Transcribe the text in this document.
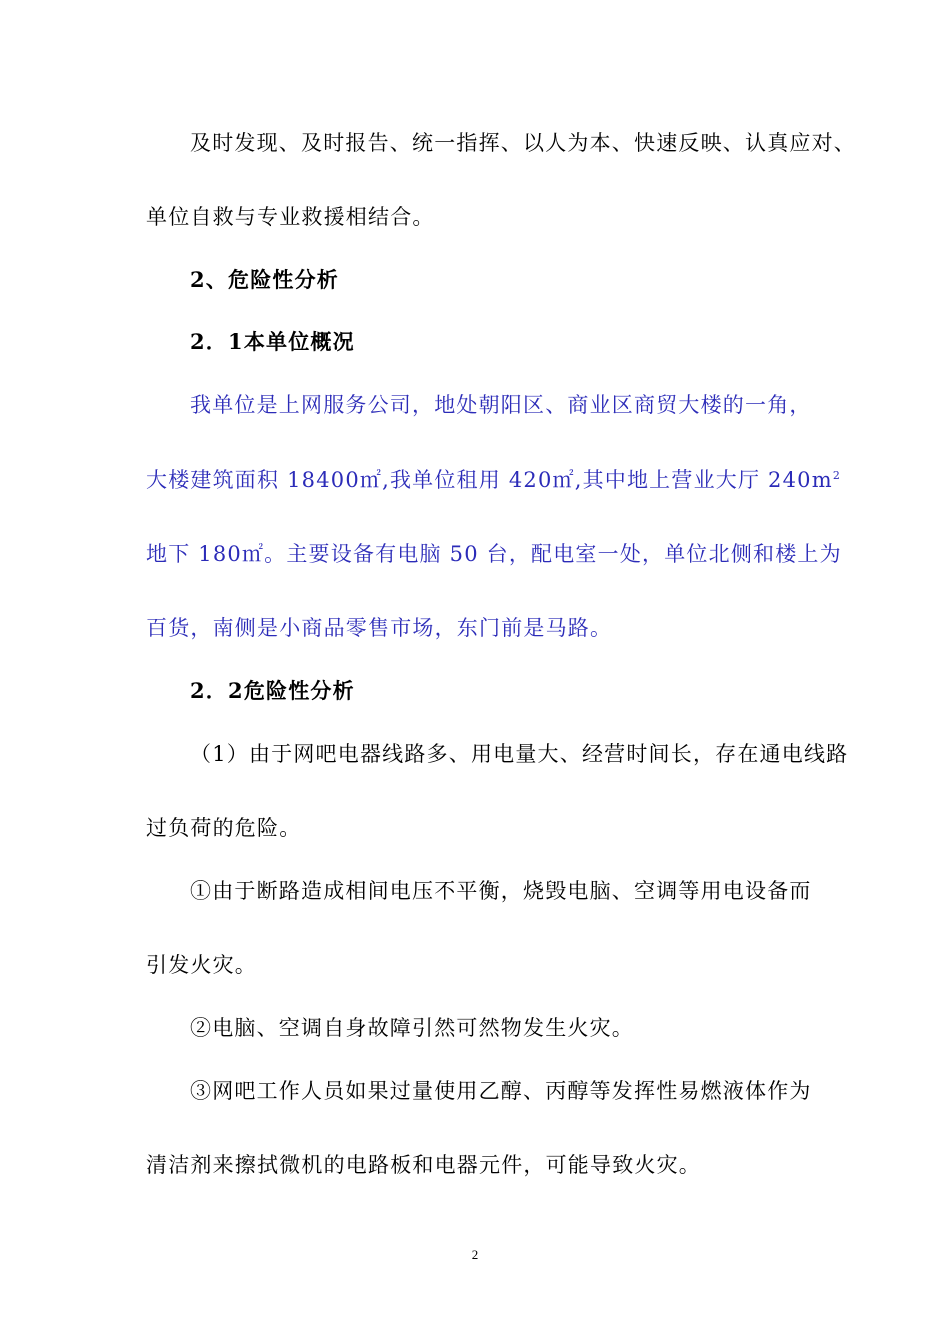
及时发现、及时报告、统一指挥、以人为本、快速反映、认真应对、
单位自救与专业救援相结合。
2、危险性分析
2．1本单位概况
我单位是上网服务公司，地处朝阳区、商业区商贸大楼的一角，
大楼建筑面积 18400㎡,我单位租用 420㎡,其中地上营业大厅 $240m^2$
地下 180㎡。主要设备有电脑 50 台，配电室一处，单位北侧和楼上为
百货，南侧是小商品零售市场，东门前是马路。
2．2危险性分析
（1）由于网吧电器线路多、用电量大、经营时间长，存在通电线路
过负荷的危险。
①由于断路造成相间电压不平衡，烧毁电脑、空调等用电设备而
引发火灾。
②电脑、空调自身故障引然可然物发生火灾。
③网吧工作人员如果过量使用乙醇、丙醇等发挥性易燃液体作为
清洁剂来擦拭微机的电路板和电器元件，可能导致火灾。
2
